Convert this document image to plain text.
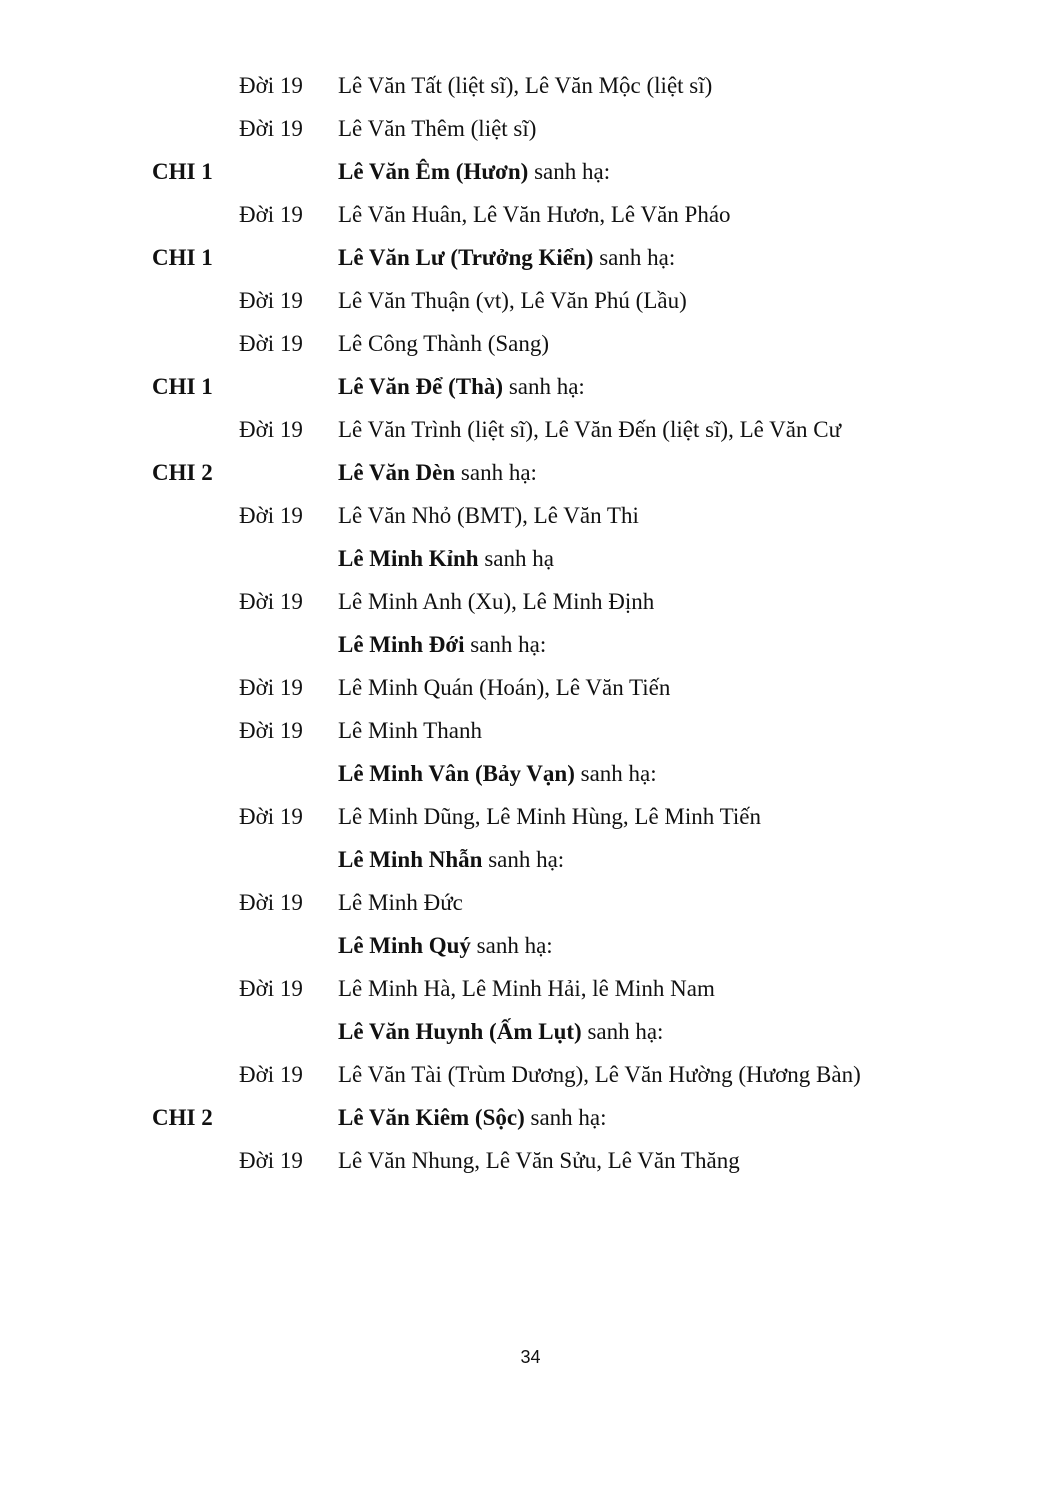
Đời 19 Lê Văn Tất (liệt sĩ), Lê Văn Mộc (liệt sĩ)
Đời 19 Lê Văn Thêm (liệt sĩ)
CHI 1	Lê Văn Êm (Hươn) sanh hạ:
Đời 19 Lê Văn Huân, Lê Văn Hươn, Lê Văn Pháo
CHI 1	Lê Văn Lư (Trưởng Kiển) sanh hạ:
Đời 19 Lê Văn Thuận (vt), Lê Văn Phú (Lầu)
Đời 19 Lê Công Thành (Sang)
CHI 1	Lê Văn Để (Thà) sanh hạ:
Đời 19 Lê Văn Trình (liệt sĩ), Lê Văn Đến (liệt sĩ), Lê Văn Cư
CHI 2	Lê Văn Dèn sanh hạ:
Đời 19 Lê Văn Nhỏ (BMT), Lê Văn Thi
Lê Minh Kỉnh sanh hạ
Đời 19 Lê Minh Anh (Xu), Lê Minh Định
Lê Minh Đới sanh hạ:
Đời 19 Lê Minh Quán (Hoán), Lê Văn Tiến
Đời 19 Lê Minh Thanh
Lê Minh Vân (Bảy Vạn) sanh hạ:
Đời 19 Lê Minh Dũng, Lê Minh Hùng, Lê Minh Tiến
Lê Minh Nhẫn sanh hạ:
Đời 19 Lê Minh Đức
Lê Minh Quý sanh hạ:
Đời 19 Lê Minh Hà, Lê Minh Hải, lê Minh Nam
Lê Văn Huynh (Ấm Lụt) sanh hạ:
Đời 19 Lê Văn Tài (Trùm Dương), Lê Văn Hường (Hương Bàn)
CHI 2	Lê Văn Kiêm (Sộc) sanh hạ:
Đời 19 Lê Văn Nhung, Lê Văn Sửu, Lê Văn Thăng
34
